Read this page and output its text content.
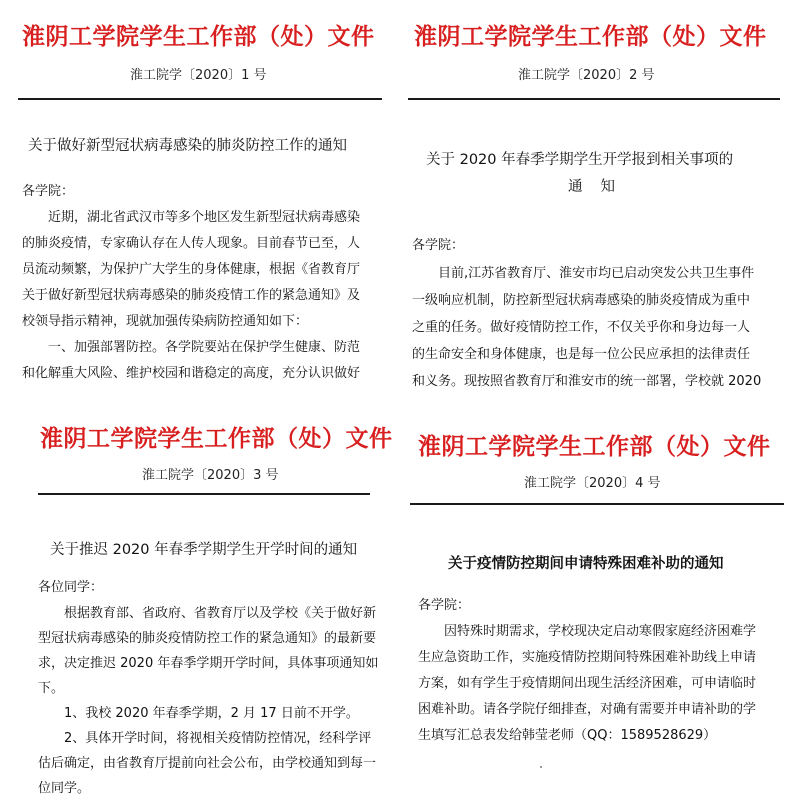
淮阴工学院学生工作部（处）文件
淮工院学〔2020〕1 号
关于做好新型冠状病毒感染的肺炎防控工作的通知
各学院：
近期，湖北省武汉市等多个地区发生新型冠状病毒感染
的肺炎疫情，专家确认存在人传人现象。目前春节已至，人
员流动频繁，为保护广大学生的身体健康，根据《省教育厅
关于做好新型冠状病毒感染的肺炎疫情工作的紧急通知》及
校领导指示精神，现就加强传染病防控通知如下：
一、加强部署防控。各学院要站在保护学生健康、防范
和化解重大风险、维护校园和谐稳定的高度，充分认识做好
淮阴工学院学生工作部（处）文件
淮工院学〔2020〕2 号
关于 2020 年春季学期学生开学报到相关事项的
通知
各学院：
目前,江苏省教育厅、淮安市均已启动突发公共卫生事件
一级响应机制，防控新型冠状病毒感染的肺炎疫情成为重中
之重的任务。做好疫情防控工作，不仅关乎你和身边每一人
的生命安全和身体健康，也是每一位公民应承担的法律责任
和义务。现按照省教育厅和淮安市的统一部署，学校就 2020
淮阴工学院学生工作部（处）文件
淮工院学〔2020〕3 号
关于推迟 2020 年春季学期学生开学时间的通知
各位同学：
根据教育部、省政府、省教育厅以及学校《关于做好新
型冠状病毒感染的肺炎疫情防控工作的紧急通知》的最新要
求，决定推迟 2020 年春季学期开学时间，具体事项通知如
下。
1、我校 2020 年春季学期，2 月 17 日前不开学。
2、具体开学时间，将视相关疫情防控情况，经科学评
估后确定，由省教育厅提前向社会公布，由学校通知到每一
位同学。
淮阴工学院学生工作部（处）文件
淮工院学〔2020〕4 号
关于疫情防控期间申请特殊困难补助的通知
各学院：
因特殊时期需求，学校现决定启动寒假家庭经济困难学
生应急资助工作，实施疫情防控期间特殊困难补助线上申请
方案，如有学生于疫情期间出现生活经济困难，可申请临时
困难补助。请各学院仔细排查，对确有需要并申请补助的学
生填写汇总表发给韩莹老师（QQ：1589528629）
